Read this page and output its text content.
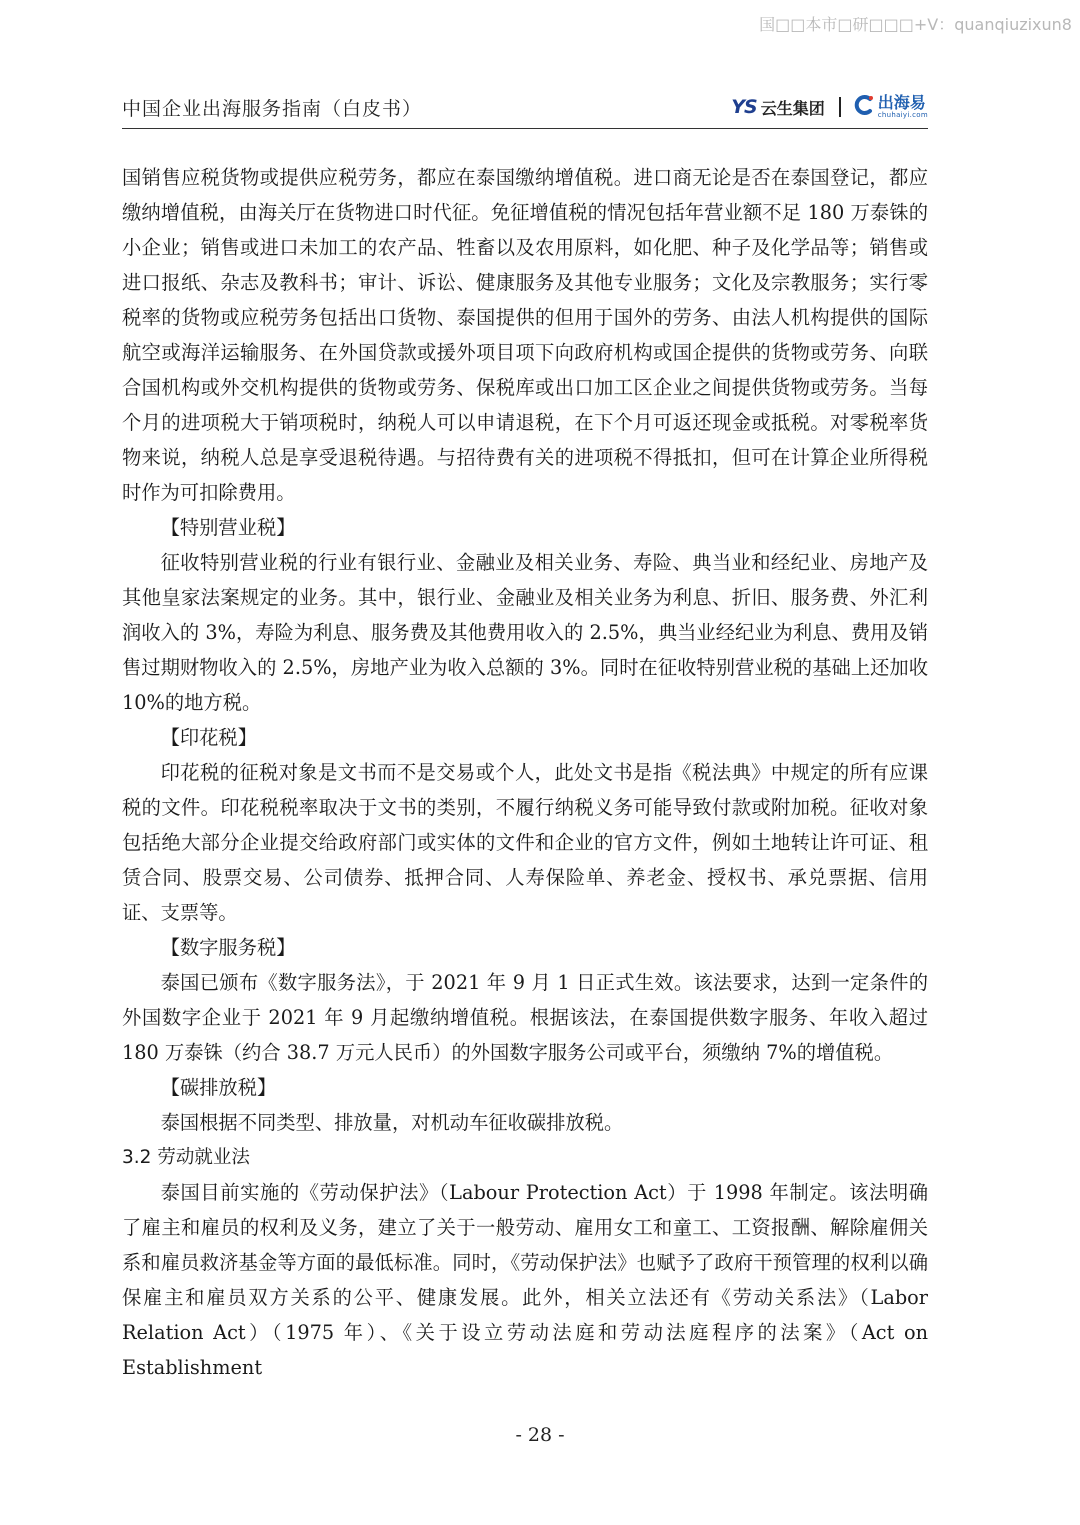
国□□本市□研□□□+V：quanqiuzixun8
中国企业出海服务指南（白皮书）	YS 云生集团	出海易
chuhaiyi.com

国销售应税货物或提供应税劳务，都应在泰国缴纳增值税。进口商无论是否在泰国登记，都应缴纳增值税，由海关厅在货物进口时代征。免征增值税的情况包括年营业额不足 180 万泰铢的小企业；销售或进口未加工的农产品、牲畜以及农用原料，如化肥、种子及化学品等；销售或进口报纸、杂志及教科书；审计、诉讼、健康服务及其他专业服务；文化及宗教服务；实行零税率的货物或应税劳务包括出口货物、泰国提供的但用于国外的劳务、由法人机构提供的国际航空或海洋运输服务、在外国贷款或援外项目项下向政府机构或国企提供的货物或劳务、向联合国机构或外交机构提供的货物或劳务、保税库或出口加工区企业之间提供货物或劳务。当每个月的进项税大于销项税时，纳税人可以申请退税，在下个月可返还现金或抵税。对零税率货物来说，纳税人总是享受退税待遇。与招待费有关的进项税不得抵扣，但可在计算企业所得税时作为可扣除费用。

【特别营业税】

征收特别营业税的行业有银行业、金融业及相关业务、寿险、典当业和经纪业、房地产及其他皇家法案规定的业务。其中，银行业、金融业及相关业务为利息、折旧、服务费、外汇利润收入的 3%，寿险为利息、服务费及其他费用收入的 2.5%，典当业经纪业为利息、费用及销售过期财物收入的 2.5%，房地产业为收入总额的 3%。同时在征收特别营业税的基础上还加收 10%的地方税。

【印花税】

印花税的征税对象是文书而不是交易或个人，此处文书是指《税法典》中规定的所有应课税的文件。印花税税率取决于文书的类别，不履行纳税义务可能导致付款或附加税。征收对象包括绝大部分企业提交给政府部门或实体的文件和企业的官方文件，例如土地转让许可证、租赁合同、股票交易、公司债券、抵押合同、人寿保险单、养老金、授权书、承兑票据、信用证、支票等。

【数字服务税】

泰国已颁布《数字服务法》，于 2021 年 9 月 1 日正式生效。该法要求，达到一定条件的外国数字企业于 2021 年 9 月起缴纳增值税。根据该法，在泰国提供数字服务、年收入超过 180 万泰铢（约合 38.7 万元人民币）的外国数字服务公司或平台，须缴纳 7%的增值税。

【碳排放税】

泰国根据不同类型、排放量，对机动车征收碳排放税。

3.2 劳动就业法

泰国目前实施的《劳动保护法》（Labour Protection Act）于 1998 年制定。该法明确了雇主和雇员的权利及义务，建立了关于一般劳动、雇用女工和童工、工资报酬、解除雇佣关系和雇员救济基金等方面的最低标准。同时，《劳动保护法》也赋予了政府干预管理的权利以确保雇主和雇员双方关系的公平、健康发展。此外，相关立法还有《劳动关系法》（Labor Relation Act）（1975 年）、《关于设立劳动法庭和劳动法庭程序的法案》（Act on Establishment

- 28 -
